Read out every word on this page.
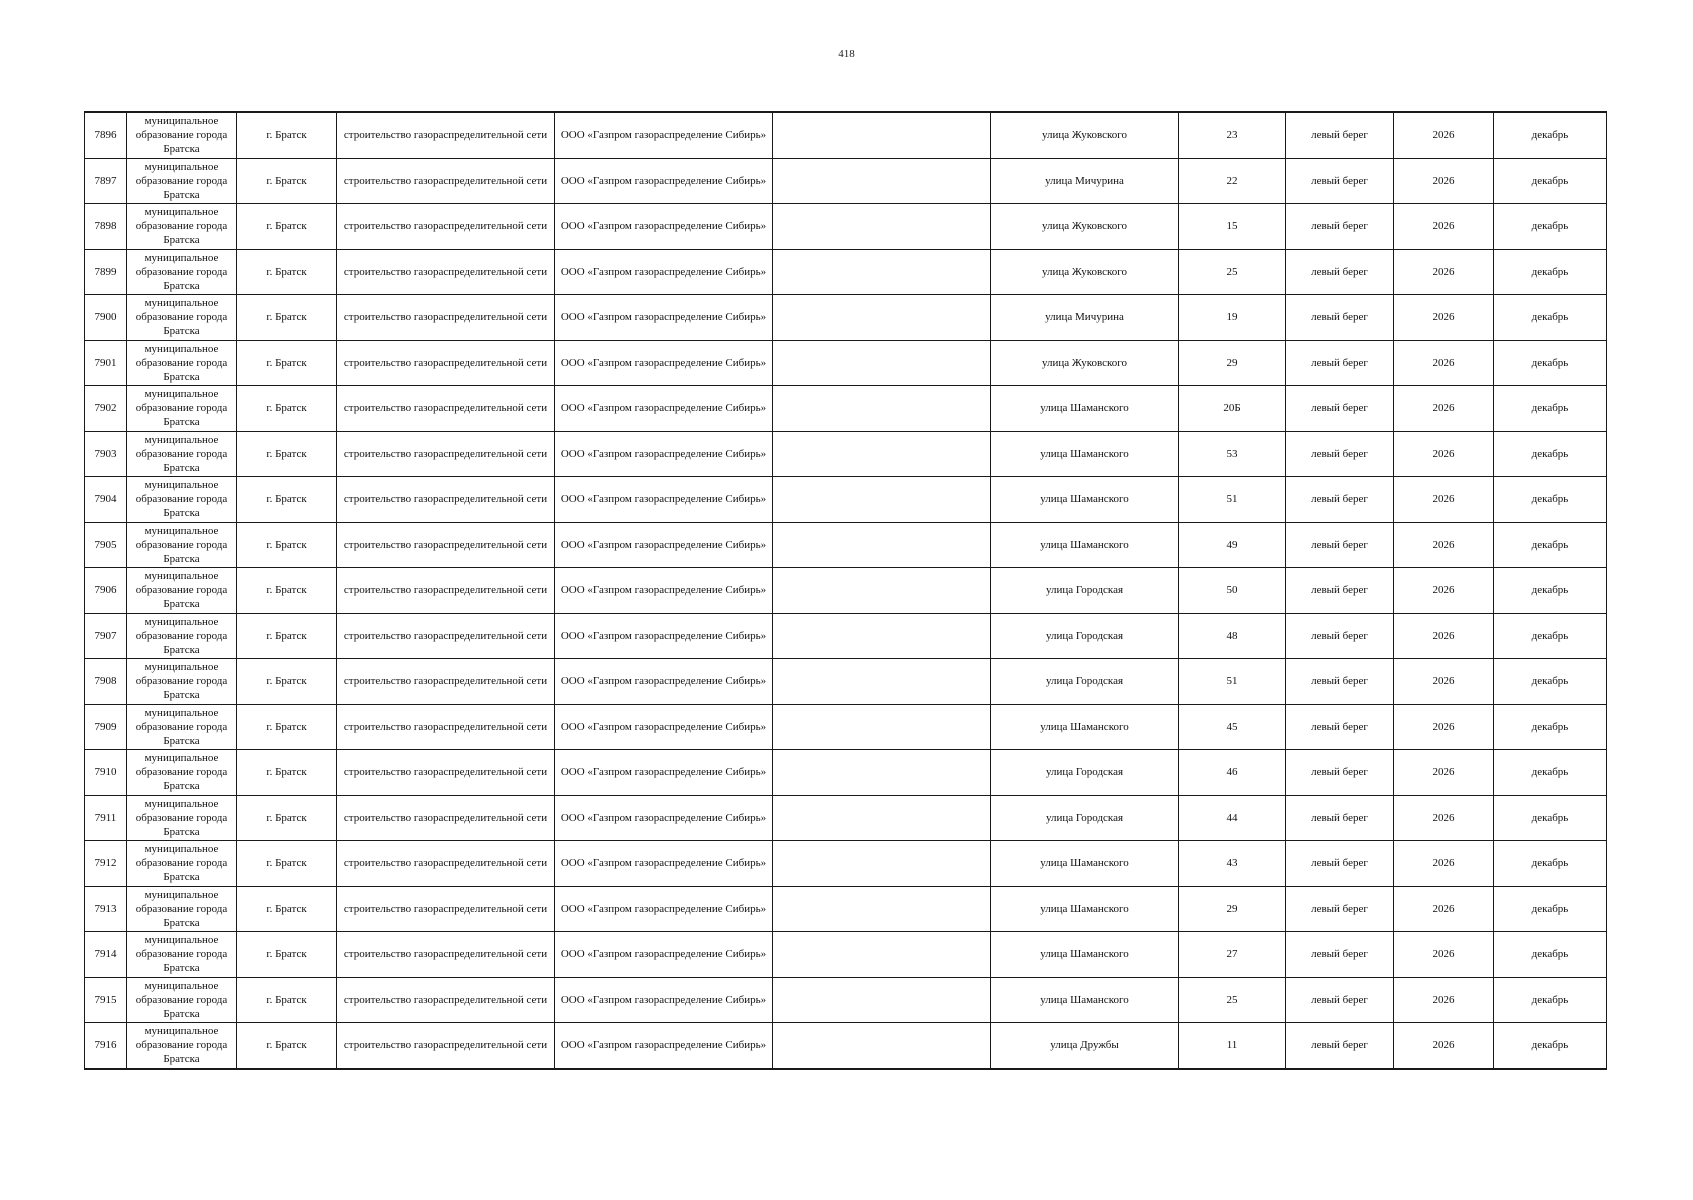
418
7896	муниципальное образование города Братска	г. Братск	строительство газораспределительной сети	ООО «Газпром газораспределение Сибирь»		улица Жуковского	23	левый берег	2026	декабрь
7897	муниципальное образование города Братска	г. Братск	строительство газораспределительной сети	ООО «Газпром газораспределение Сибирь»		улица Мичурина	22	левый берег	2026	декабрь
7898	муниципальное образование города Братска	г. Братск	строительство газораспределительной сети	ООО «Газпром газораспределение Сибирь»		улица Жуковского	15	левый берег	2026	декабрь
7899	муниципальное образование города Братска	г. Братск	строительство газораспределительной сети	ООО «Газпром газораспределение Сибирь»		улица Жуковского	25	левый берег	2026	декабрь
7900	муниципальное образование города Братска	г. Братск	строительство газораспределительной сети	ООО «Газпром газораспределение Сибирь»		улица Мичурина	19	левый берег	2026	декабрь
7901	муниципальное образование города Братска	г. Братск	строительство газораспределительной сети	ООО «Газпром газораспределение Сибирь»		улица Жуковского	29	левый берег	2026	декабрь
7902	муниципальное образование города Братска	г. Братск	строительство газораспределительной сети	ООО «Газпром газораспределение Сибирь»		улица Шаманского	20Б	левый берег	2026	декабрь
7903	муниципальное образование города Братска	г. Братск	строительство газораспределительной сети	ООО «Газпром газораспределение Сибирь»		улица Шаманского	53	левый берег	2026	декабрь
7904	муниципальное образование города Братска	г. Братск	строительство газораспределительной сети	ООО «Газпром газораспределение Сибирь»		улица Шаманского	51	левый берег	2026	декабрь
7905	муниципальное образование города Братска	г. Братск	строительство газораспределительной сети	ООО «Газпром газораспределение Сибирь»		улица Шаманского	49	левый берег	2026	декабрь
7906	муниципальное образование города Братска	г. Братск	строительство газораспределительной сети	ООО «Газпром газораспределение Сибирь»		улица Городская	50	левый берег	2026	декабрь
7907	муниципальное образование города Братска	г. Братск	строительство газораспределительной сети	ООО «Газпром газораспределение Сибирь»		улица Городская	48	левый берег	2026	декабрь
7908	муниципальное образование города Братска	г. Братск	строительство газораспределительной сети	ООО «Газпром газораспределение Сибирь»		улица Городская	51	левый берег	2026	декабрь
7909	муниципальное образование города Братска	г. Братск	строительство газораспределительной сети	ООО «Газпром газораспределение Сибирь»		улица Шаманского	45	левый берег	2026	декабрь
7910	муниципальное образование города Братска	г. Братск	строительство газораспределительной сети	ООО «Газпром газораспределение Сибирь»		улица Городская	46	левый берег	2026	декабрь
7911	муниципальное образование города Братска	г. Братск	строительство газораспределительной сети	ООО «Газпром газораспределение Сибирь»		улица Городская	44	левый берег	2026	декабрь
7912	муниципальное образование города Братска	г. Братск	строительство газораспределительной сети	ООО «Газпром газораспределение Сибирь»		улица Шаманского	43	левый берег	2026	декабрь
7913	муниципальное образование города Братска	г. Братск	строительство газораспределительной сети	ООО «Газпром газораспределение Сибирь»		улица Шаманского	29	левый берег	2026	декабрь
7914	муниципальное образование города Братска	г. Братск	строительство газораспределительной сети	ООО «Газпром газораспределение Сибирь»		улица Шаманского	27	левый берег	2026	декабрь
7915	муниципальное образование города Братска	г. Братск	строительство газораспределительной сети	ООО «Газпром газораспределение Сибирь»		улица Шаманского	25	левый берег	2026	декабрь
7916	муниципальное образование города Братска	г. Братск	строительство газораспределительной сети	ООО «Газпром газораспределение Сибирь»		улица Дружбы	11	левый берег	2026	декабрь
